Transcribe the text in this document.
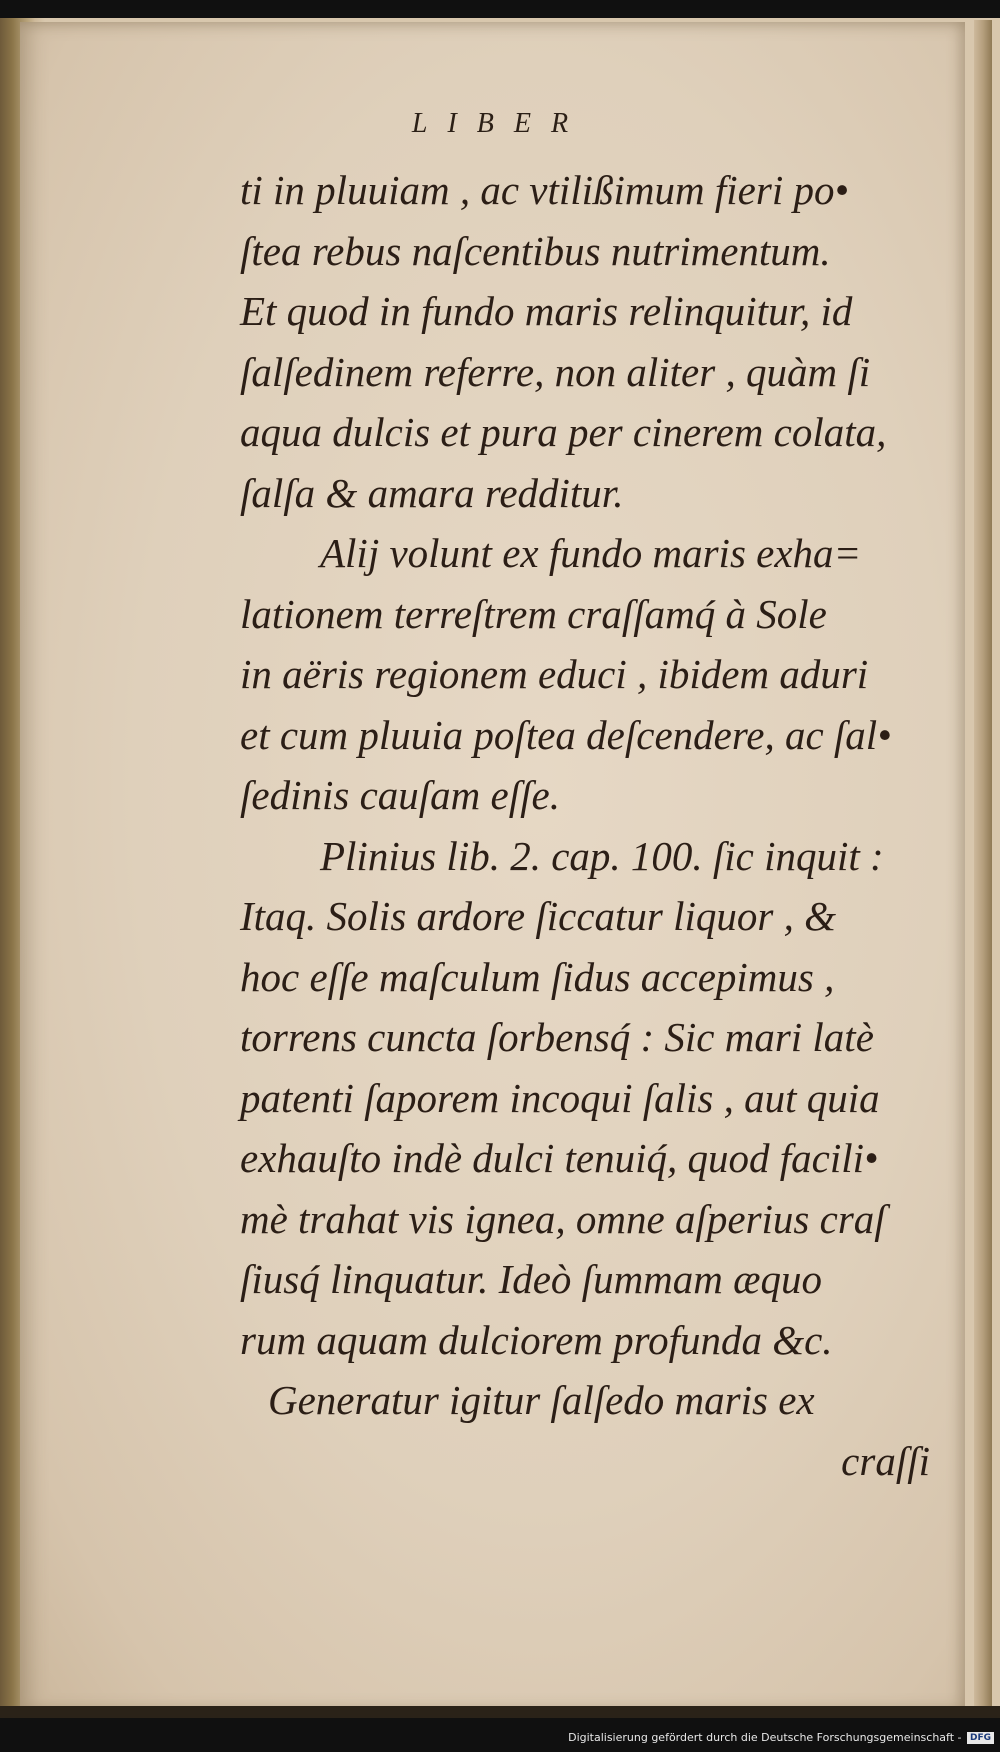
LIBER
ti in pluuiam , ac vtilißimum fieri po•
ſtea rebus naſcentibus nutrimentum.
Et quod in fundo maris relinquitur, id
ſalſedinem referre, non aliter , quàm ſi
aqua dulcis et pura per cinerem colata,
ſalſa & amara redditur.
Alij volunt ex fundo maris exha=
lationem terreſtrem craſſamq́ à Sole
in aëris regionem educi , ibidem aduri
et cum pluuia poſtea deſcendere, ac ſal•
ſedinis cauſam eſſe.
Plinius lib. 2. cap. 100. ſic inquit :
Itaq. Solis ardore ſiccatur liquor , &
hoc eſſe maſculum ſidus accepimus ,
torrens cuncta ſorbensq́ : Sic mari latè
patenti ſaporem incoqui ſalis , aut quia
exhauſto indè dulci tenuiq́, quod facili•
mè trahat vis ignea, omne aſperius craſ
ſiusq́ linquatur. Ideò ſummam æquo
rum aquam dulciorem profunda &c.
Generatur igitur ſalſedo maris ex
craſſi
Digitalisierung gefördert durch die Deutsche Forschungsgemeinschaft - DFG
